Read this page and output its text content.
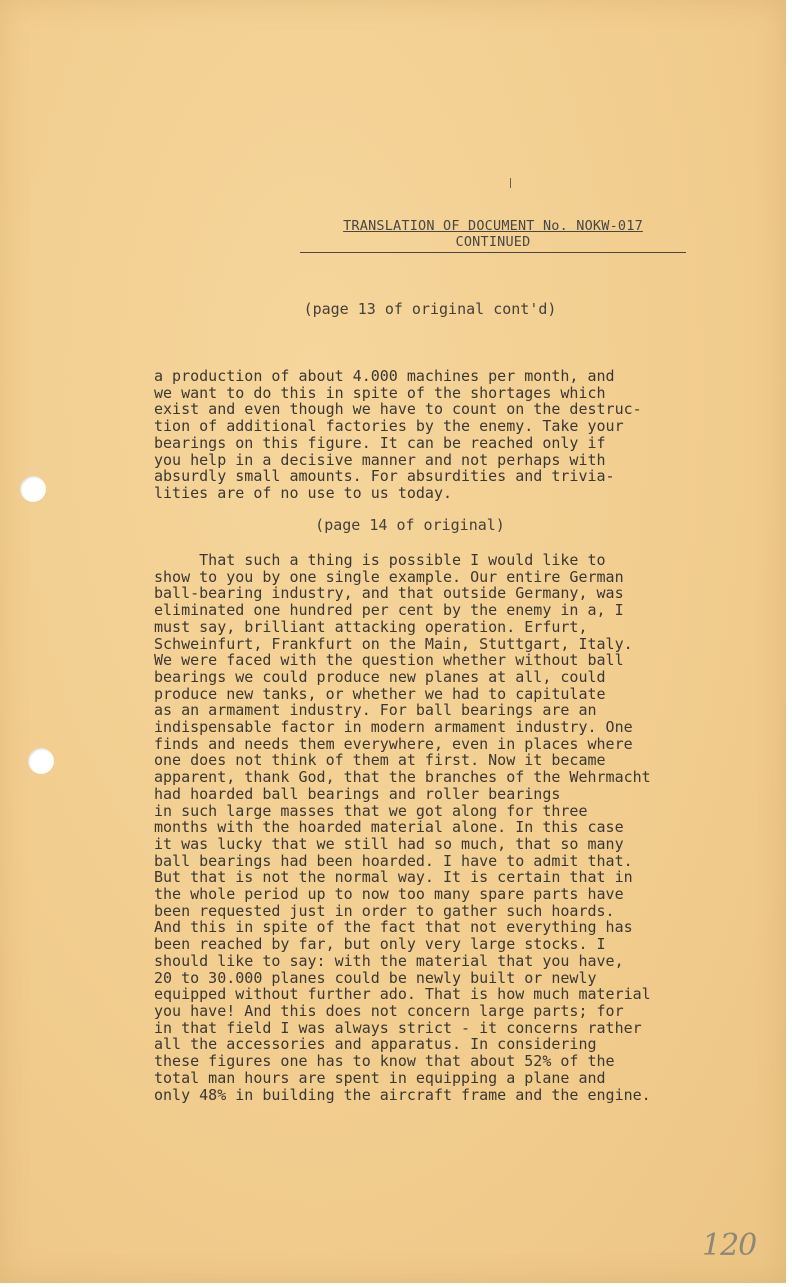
TRANSLATION OF DOCUMENT No. NOKW-017
CONTINUED
(page 13 of original cont'd)
a production of about 4.000 machines per month, and
we want to do this in spite of the shortages which
exist and even though we have to count on the destruc-
tion of additional factories by the enemy. Take your
bearings on this figure. It can be reached only if
you help in a decisive manner and not perhaps with
absurdly small amounts. For absurdities and trivia-
lities are of no use to us today.
(page 14 of original)
That such a thing is possible I would like to
show to you by one single example. Our entire German
ball-bearing industry, and that outside Germany, was
eliminated one hundred per cent by the enemy in a, I
must say, brilliant attacking operation. Erfurt,
Schweinfurt, Frankfurt on the Main, Stuttgart, Italy.
We were faced with the question whether without ball
bearings we could produce new planes at all, could
produce new tanks, or whether we had to capitulate
as an armament industry. For ball bearings are an
indispensable factor in modern armament industry. One
finds and needs them everywhere, even in places where
one does not think of them at first. Now it became
apparent, thank God, that the branches of the Wehrmacht
had hoarded ball bearings and roller bearings
in such large masses that we got along for three
months with the hoarded material alone. In this case
it was lucky that we still had so much, that so many
ball bearings had been hoarded. I have to admit that.
But that is not the normal way. It is certain that in
the whole period up to now too many spare parts have
been requested just in order to gather such hoards.
And this in spite of the fact that not everything has
been reached by far, but only very large stocks. I
should like to say: with the material that you have,
20 to 30.000 planes could be newly built or newly
equipped without further ado. That is how much material
you have! And this does not concern large parts; for
in that field I was always strict - it concerns rather
all the accessories and apparatus. In considering
these figures one has to know that about 52% of the
total man hours are spent in equipping a plane and
only 48% in building the aircraft frame and the engine.
120
